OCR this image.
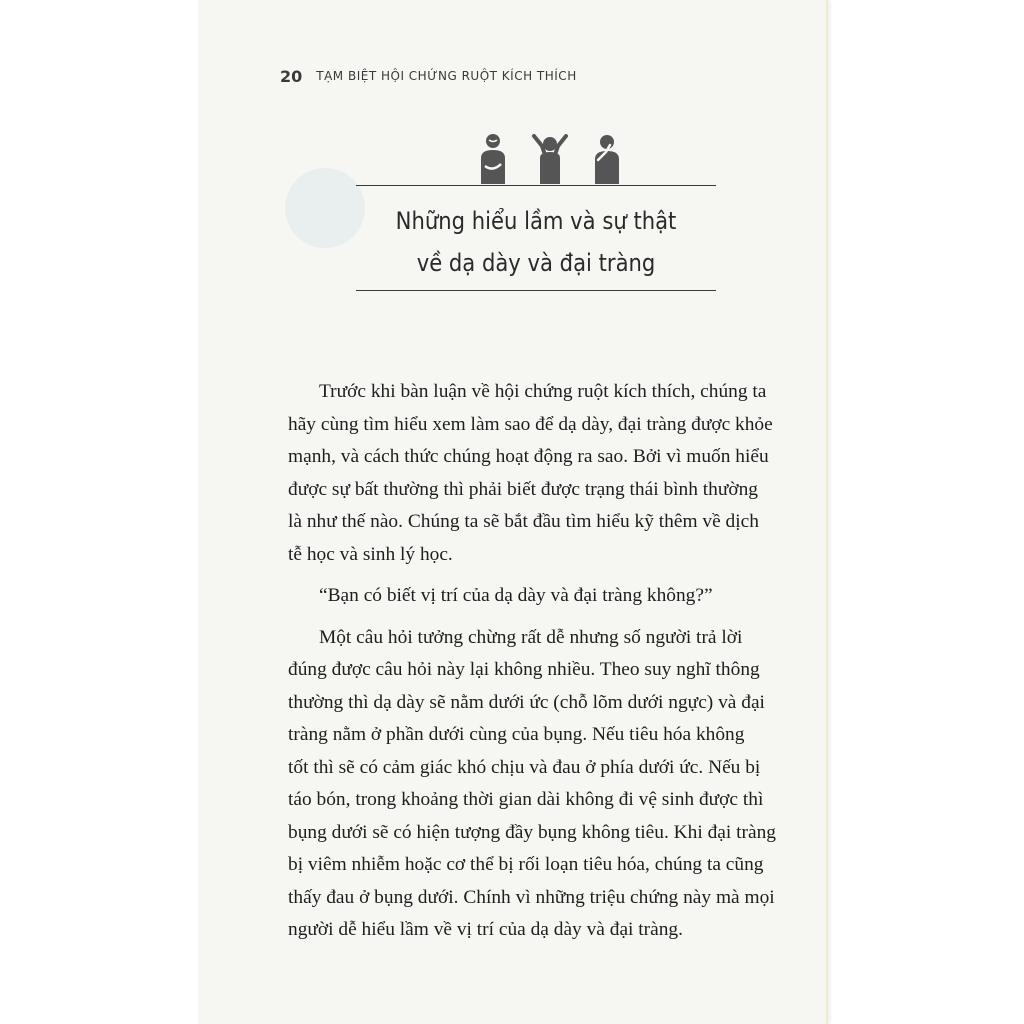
20 TẠM BIỆT HỘI CHỨNG RUỘT KÍCH THÍCH
Những hiểu lầm và sự thật
về dạ dày và đại tràng

Trước khi bàn luận về hội chứng ruột kích thích, chúng ta
hãy cùng tìm hiểu xem làm sao để dạ dày, đại tràng được khỏe
mạnh, và cách thức chúng hoạt động ra sao. Bởi vì muốn hiểu
được sự bất thường thì phải biết được trạng thái bình thường
là như thế nào. Chúng ta sẽ bắt đầu tìm hiểu kỹ thêm về dịch
tễ học và sinh lý học.

“Bạn có biết vị trí của dạ dày và đại tràng không?”

Một câu hỏi tưởng chừng rất dễ nhưng số người trả lời
đúng được câu hỏi này lại không nhiều. Theo suy nghĩ thông
thường thì dạ dày sẽ nằm dưới ức (chỗ lõm dưới ngực) và đại
tràng nằm ở phần dưới cùng của bụng. Nếu tiêu hóa không
tốt thì sẽ có cảm giác khó chịu và đau ở phía dưới ức. Nếu bị
táo bón, trong khoảng thời gian dài không đi vệ sinh được thì
bụng dưới sẽ có hiện tượng đầy bụng không tiêu. Khi đại tràng
bị viêm nhiễm hoặc cơ thể bị rối loạn tiêu hóa, chúng ta cũng
thấy đau ở bụng dưới. Chính vì những triệu chứng này mà mọi
người dễ hiểu lầm về vị trí của dạ dày và đại tràng.
